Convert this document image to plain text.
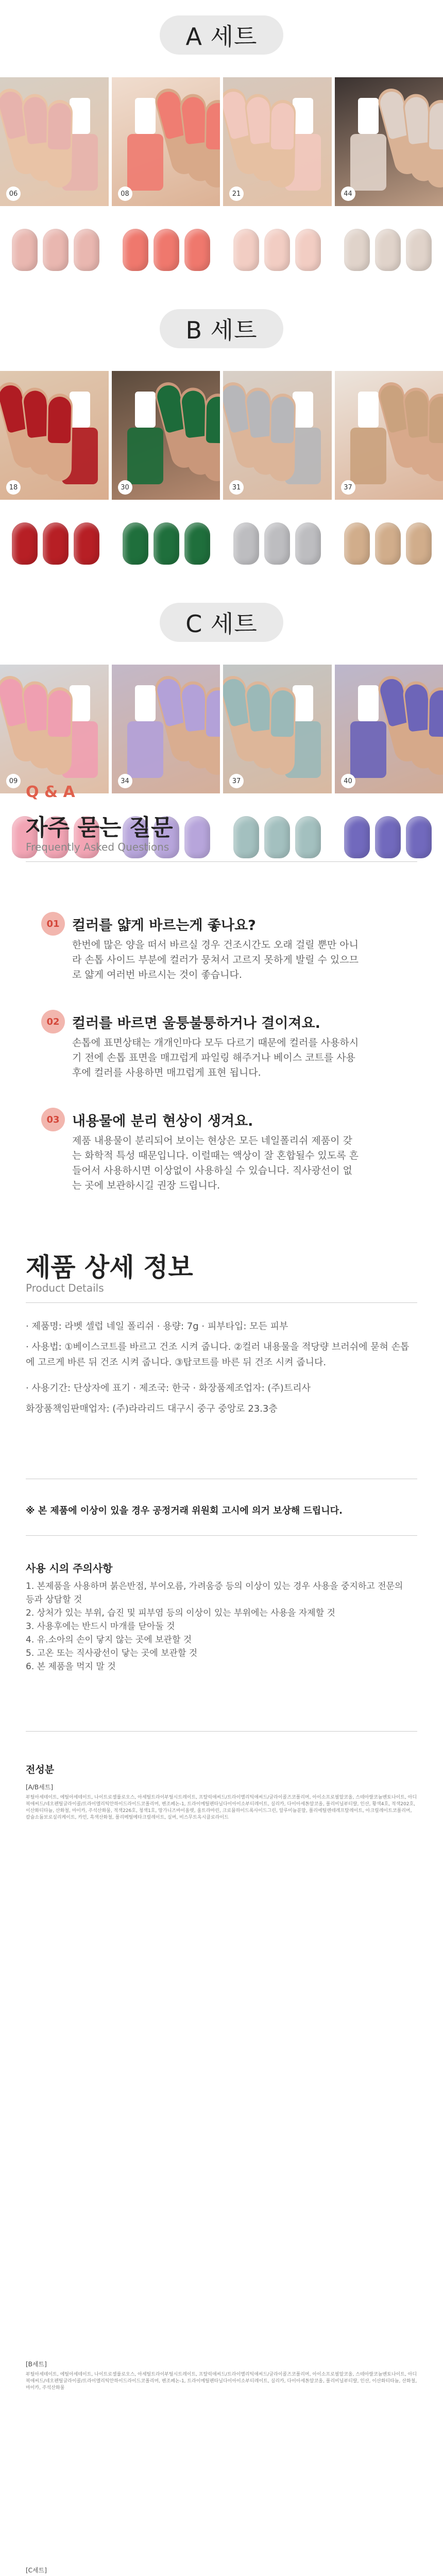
A 세트
06	08	21	44
B 세트
18	30	31	37
C 세트
09	34	37	40
Q & A
자주 묻는 질문
Frequently Asked Questions
01 컬러를 얇게 바르는게 좋나요?
한번에 많은 양을 떠서 바르실 경우 건조시간도 오래 걸릴 뿐만 아니라 손톱 사이드 부분에 컬러가 뭉쳐서 고르지 못하게 발릴 수 있으므로 얇게 여러번 바르시는 것이 좋습니다.
02 컬러를 바르면 울퉁불퉁하거나 결이져요.
손톱에 표면상태는 개개인마다 모두 다르기 때문에 컬러를 사용하시기 전에 손톱 표면을 매끄럽게 파일링 해주거나 베이스 코트를 사용후에 컬러를 사용하면 매끄럽게 표현 됩니다.
03 내용물에 분리 현상이 생겨요.
제품 내용물이 분리되어 보이는 현상은 모든 네일폴리쉬 제품이 갖는 화학적 특성 때문입니다. 이럴때는 액상이 잘 혼합될수 있도록 흔들어서 사용하시면 이상없이 사용하실 수 있습니다. 직사광선이 없는 곳에 보관하시길 권장 드립니다.
제품 상세 정보
Product Details
· 제품명: 라벳 셀럽 네일 폴리쉬 · 용량: 7g · 피부타입: 모든 피부
· 사용법: ①베이스코트를 바르고 건조 시켜 줍니다. ②컬러 내용물을 적당량 브러쉬에 묻혀 손톱에 고르게 바른 뒤 건조 시켜 줍니다. ③탑코트를 바른 뒤 건조 시켜 줍니다.
· 사용기간: 단상자에 표기 · 제조국: 한국 · 화장품제조업자: (주)트리사
화장품책임판매업자: (주)라라리드 대구시 중구 중앙로 23.3층
※ 본 제품에 이상이 있을 경우 공정거래 위원회 고시에 의거 보상해 드립니다.
사용 시의 주의사항
1. 본제품을 사용하며 붉은반점, 부어오름, 가려움증 등의 이상이 있는 경우 사용을 중지하고 전문의등과 상담할 것
2. 상처가 있는 부위, 습진 및 피부염 등의 이상이 있는 부위에는 사용을 자제할 것
3. 사용후에는 반드시 마개를 닫아둘 것
4. 유.소아의 손이 닿지 않는 곳에 보관할 것
5. 고온 또는 직사광선이 닿는 곳에 보관할 것
6. 본 제품을 먹지 말 것
전성분
[A/B세트]
부틸아세테이트, 에틸아세테이트, 나이트로셀룰로오스, 아세틸트라이부틸시트레이트, 프탈릭애씨드/트라이멜리틱애씨드/글라이콜즈코폴리머, 아이소프로필알코올, 스테아랄코늄벤토나이트, 아디픽애씨드/네오펜틸글라이콜/트라이멜리틱안하이드라이드코폴리머, 벤조페논-1, 트라이메틸펜타닐다이아이소부티레이트, 실리카, 다이아세톤알코올, 폴리비닐부티랄, 인산, 황색4호, 적색202호, 이산화티타늄, 산화철, 마이카, 주석산화물, 적색226호, 청색1호, 망가니즈바이올렛, 울트라마린, 크로뮴하이드록사이드그린, 알루미늄분말, 폴리에틸렌테레프탈레이트, 아크릴레이트코폴리머, 칼슘소듐보로실리케이트, 카민, 흑색산화철, 폴리메틸메타크릴레이트, 실버, 비스무트옥시클로라이드
[B세트]
부틸아세테이트, 에틸아세테이트, 나이트로셀룰로오스, 아세틸트라이부틸시트레이트, 프탈릭애씨드/트라이멜리틱애씨드/글라이콜즈코폴리머, 아이소프로필알코올, 스테아랄코늄벤토나이트, 아디픽애씨드/네오펜틸글라이콜/트라이멜리틱안하이드라이드코폴리머, 벤조페논-1, 트라이메틸펜타닐다이아이소부티레이트, 실리카, 다이아세톤알코올, 폴리비닐부티랄, 인산, 이산화티타늄, 산화철, 마이카, 주석산화물
[C세트]
